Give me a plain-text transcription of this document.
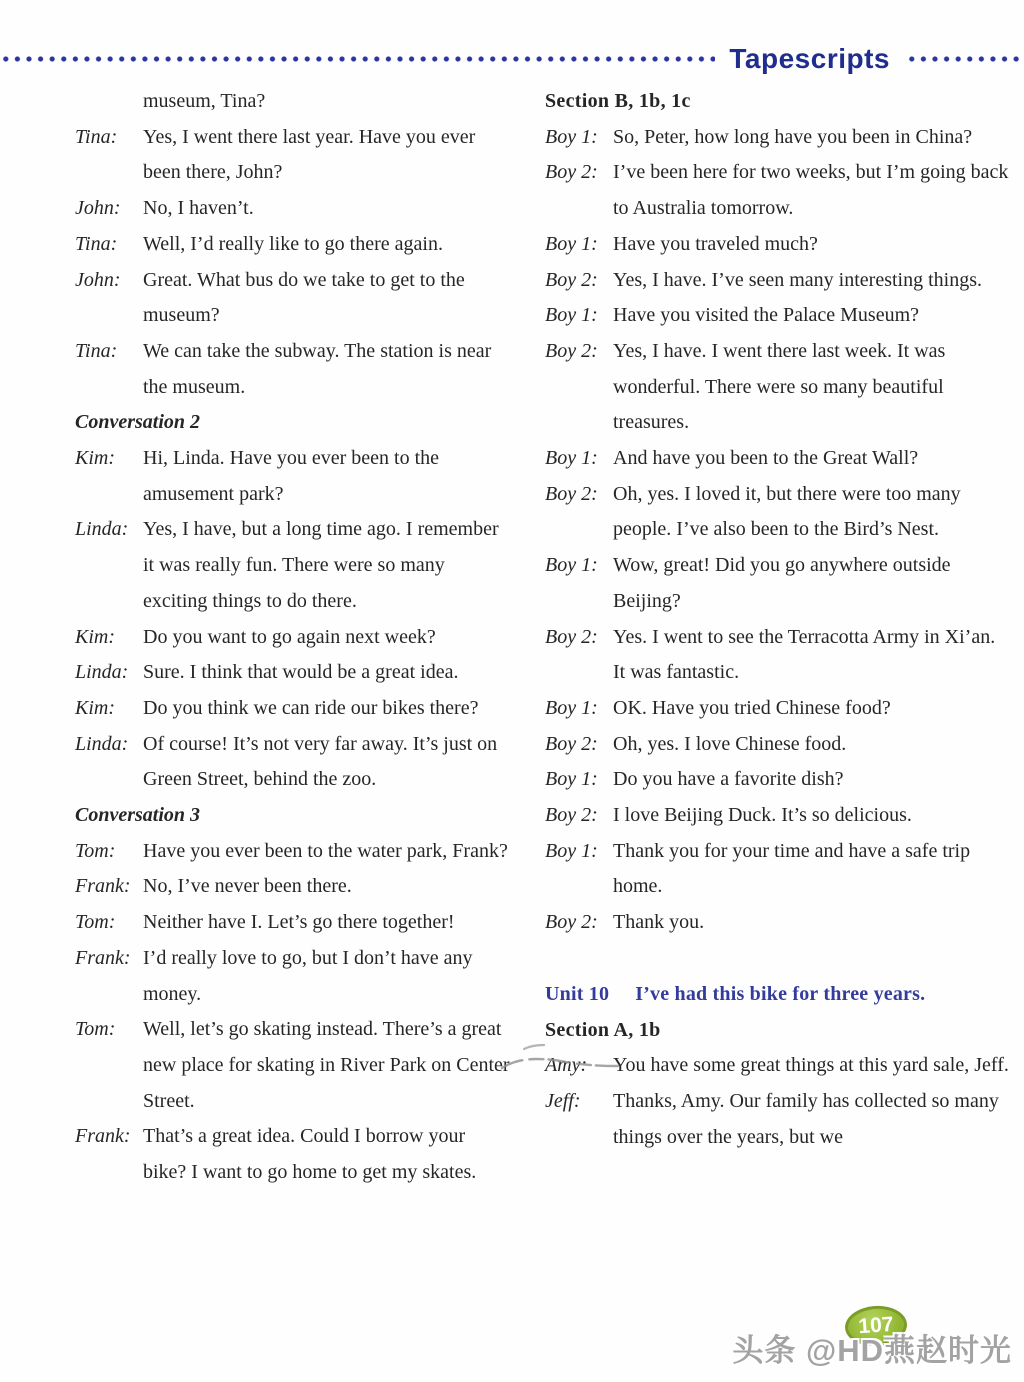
Tapescripts
museum, Tina?
Tina:	Yes, I went there last year. Have you ever been there, John?
John:	No, I haven’t.
Tina:	Well, I’d really like to go there again.
John:	Great. What bus do we take to get to the museum?
Tina:	We can take the subway. The station is near the museum.
Conversation 2
Kim:	Hi, Linda. Have you ever been to the amusement park?
Linda: Yes, I have, but a long time ago. I remember it was really fun. There were so many exciting things to do there.
Kim:	Do you want to go again next week?
Linda: Sure. I think that would be a great idea.
Kim:	Do you think we can ride our bikes there?
Linda: Of course! It’s not very far away. It’s just on Green Street, behind the zoo.
Conversation 3
Tom:	Have you ever been to the water park, Frank?
Frank: No, I’ve never been there.
Tom:	Neither have I. Let’s go there together!
Frank: I’d really love to go, but I don’t have any money.
Tom:	Well, let’s go skating instead. There’s a great new place for skating in River Park on Center Street.
Frank: That’s a great idea. Could I borrow your bike? I want to go home to get my skates.
Section B, 1b, 1c
Boy 1: So, Peter, how long have you been in China?
Boy 2: I’ve been here for two weeks, but I’m going back to Australia tomorrow.
Boy 1: Have you traveled much?
Boy 2: Yes, I have. I’ve seen many interesting things.
Boy 1: Have you visited the Palace Museum?
Boy 2: Yes, I have. I went there last week. It was wonderful. There were so many beautiful treasures.
Boy 1: And have you been to the Great Wall?
Boy 2: Oh, yes. I loved it, but there were too many people. I’ve also been to the Bird’s Nest.
Boy 1: Wow, great! Did you go anywhere outside Beijing?
Boy 2: Yes. I went to see the Terracotta Army in Xi’an. It was fantastic.
Boy 1: OK. Have you tried Chinese food?
Boy 2: Oh, yes. I love Chinese food.
Boy 1: Do you have a favorite dish?
Boy 2: I love Beijing Duck. It’s so delicious.
Boy 1: Thank you for your time and have a safe trip home.
Boy 2: Thank you.
Unit 10 I’ve had this bike for three years.
Section A, 1b
Amy:	You have some great things at this yard sale, Jeff.
Jeff:	Thanks, Amy. Our family has collected so many things over the years, but we
107
头条 @HD燕赵时光
